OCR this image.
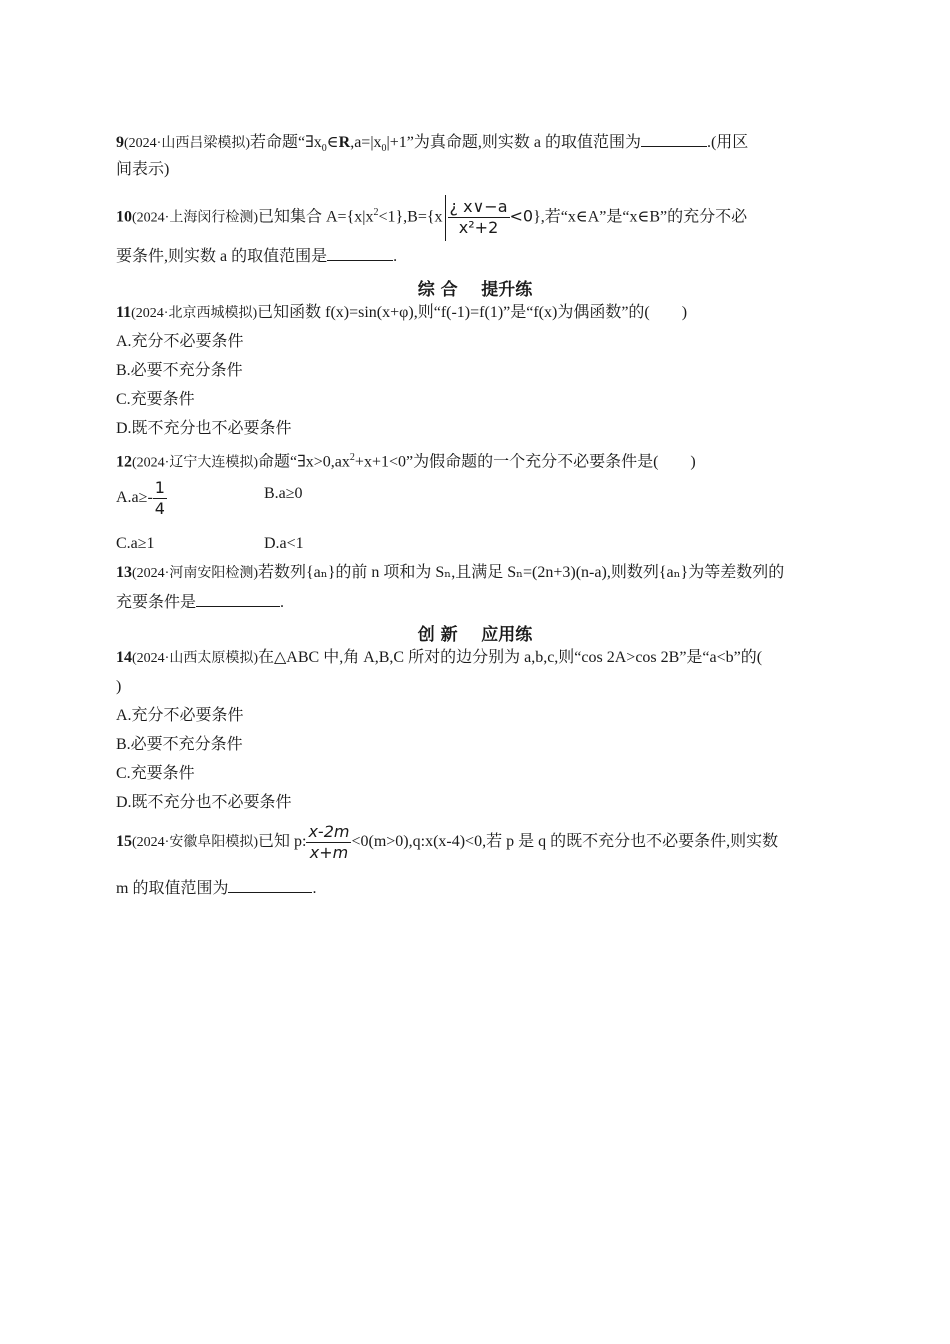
9(2024·山西吕梁模拟)若命题“$\exists x_0\in R,a=|x_0|+1$”为真命题,则实数 a 的取值范围为	.(用区
间表示)
10(2024·上海闵行检测)已知集合 $A=\{x|x^2<1\},B=\{x \frac{¿ x\vee-a}{\text{x²+2}} <0\}$,若“x∈A”是“x∈B”的充分不必
要条件,则实数 a 的取值范围是	.
综 合    提升练
11(2024·北京西城模拟)已知函数 f(x)=sin(x+φ),则“f(-1)=f(1)”是“f(x)为偶函数”的(　　)
A.充分不必要条件
B.必要不充分条件
C.充要条件
D.既不充分也不必要条件
12(2024·辽宁大连模拟)命题“$\exists x>0,ax^2+x+1<0$”为假命题的一个充分不必要条件是(　　)
$A.a\ge- \frac{1}{4}$	B.a≥0
C.a≥1	D.a<1
13(2024·河南安阳检测)若数列{aₙ}的前 n 项和为 Sₙ,且满足 Sₙ=(2n+3)(n-a),则数列{aₙ}为等差数列的
充要条件是	.
创 新    应用练
14(2024·山西太原模拟)在△ABC 中,角 A,B,C 所对的边分别为 a,b,c,则“cos 2A>cos 2B”是“a<b”的(
)
A.充分不必要条件
B.必要不充分条件
C.充要条件
D.既不充分也不必要条件
15(2024·安徽阜阳模拟)已知 p: $\frac{x-2m}{x+m}$ <0(m>0),q:x(x-4)<0,若 p 是 q 的既不充分也不必要条件,则实数
m 的取值范围为	.
